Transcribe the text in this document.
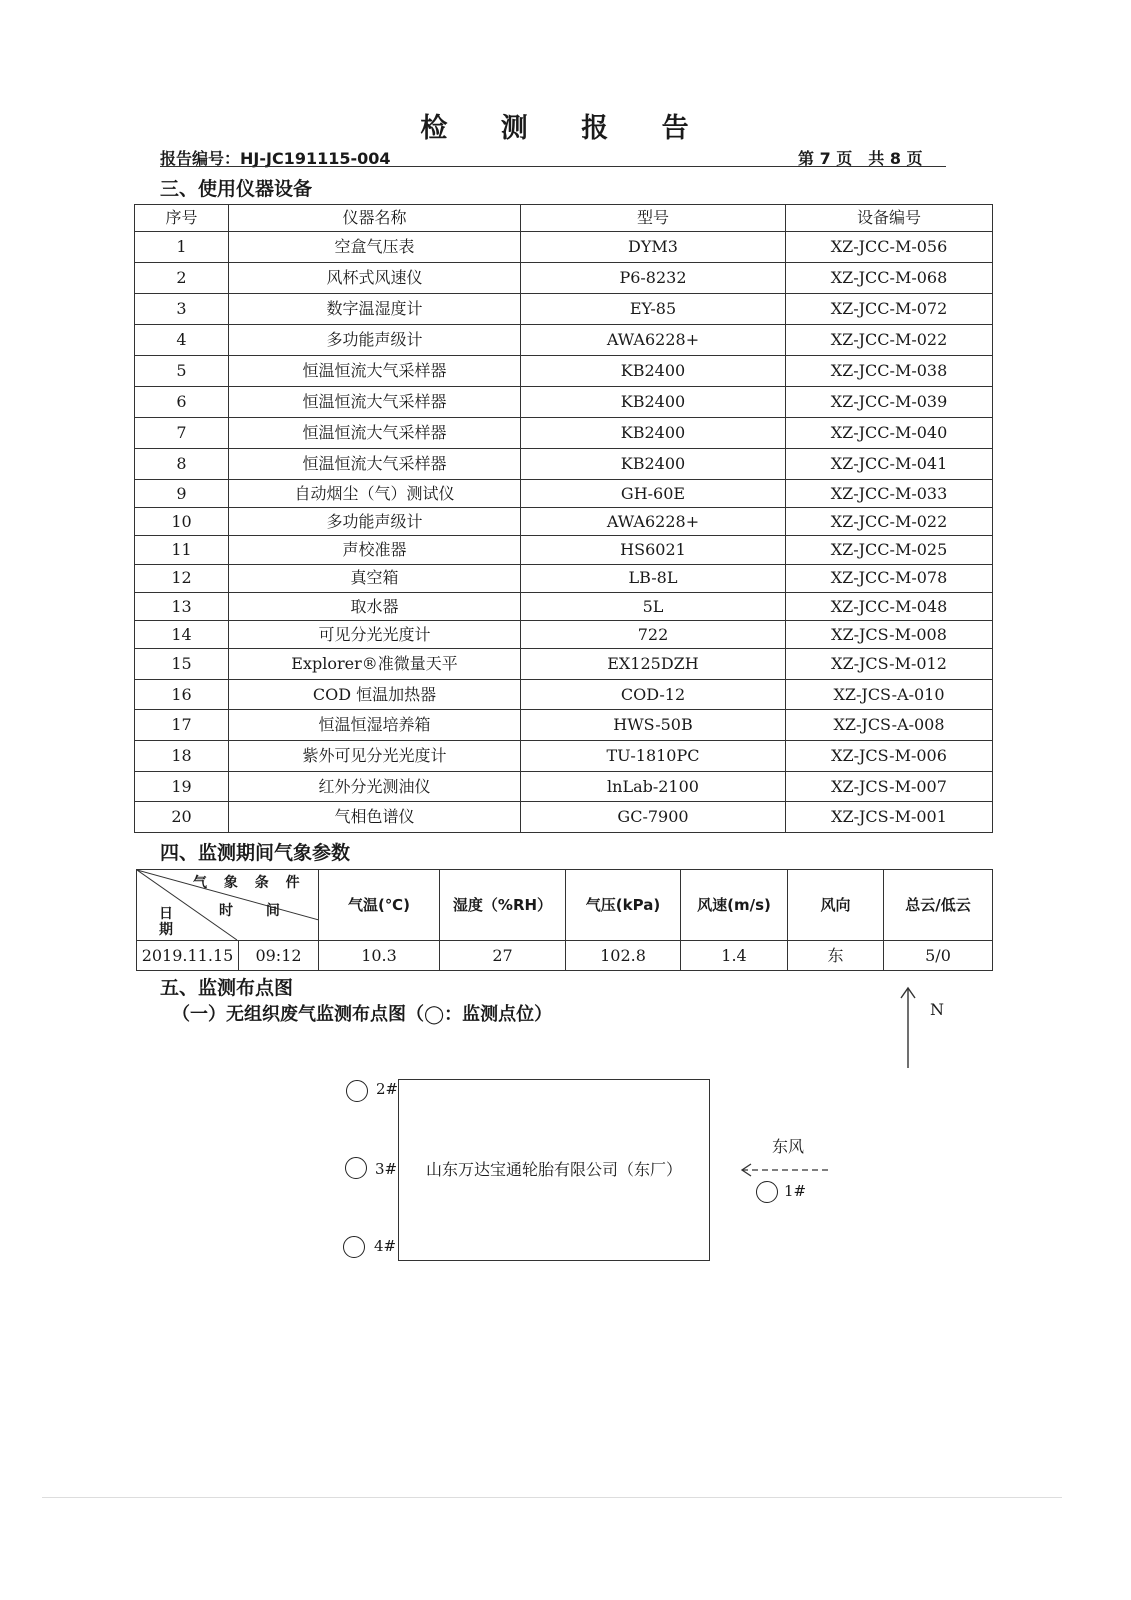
检 测 报 告
报告编号：HJ-JC191115-004	第 7 页　共 8 页
三、使用仪器设备
序号	仪器名称	型号	设备编号
1	空盒气压表	DYM3	XZ-JCC-M-056
2	风杯式风速仪	P6-8232	XZ-JCC-M-068
3	数字温湿度计	EY-85	XZ-JCC-M-072
4	多功能声级计	AWA6228+	XZ-JCC-M-022
5	恒温恒流大气采样器	KB2400	XZ-JCC-M-038
6	恒温恒流大气采样器	KB2400	XZ-JCC-M-039
7	恒温恒流大气采样器	KB2400	XZ-JCC-M-040
8	恒温恒流大气采样器	KB2400	XZ-JCC-M-041
9	自动烟尘（气）测试仪	GH-60E	XZ-JCC-M-033
10	多功能声级计	AWA6228+	XZ-JCC-M-022
11	声校准器	HS6021	XZ-JCC-M-025
12	真空箱	LB-8L	XZ-JCC-M-078
13	取水器	5L	XZ-JCC-M-048
14	可见分光光度计	722	XZ-JCS-M-008
15	Explorer®准微量天平	EX125DZH	XZ-JCS-M-012
16	COD 恒温加热器	COD-12	XZ-JCS-A-010
17	恒温恒湿培养箱	HWS-50B	XZ-JCS-A-008
18	紫外可见分光光度计	TU-1810PC	XZ-JCS-M-006
19	红外分光测油仪	lnLab-2100	XZ-JCS-M-007
20	气相色谱仪	GC-7900	XZ-JCS-M-001
四、监测期间气象参数
气 象 条 件
时 间
日 期		气温(℃)	湿度（%RH）	气压(kPa)	风速(m/s)	风向	总云/低云
2019.11.15	09:12	10.3	27	102.8	1.4	东	5/0
五、监测布点图
（一）无组织废气监测布点图（◯：监测点位）	N
山东万达宝通轮胎有限公司（东厂）
2#
3#
4#
东风
1#
